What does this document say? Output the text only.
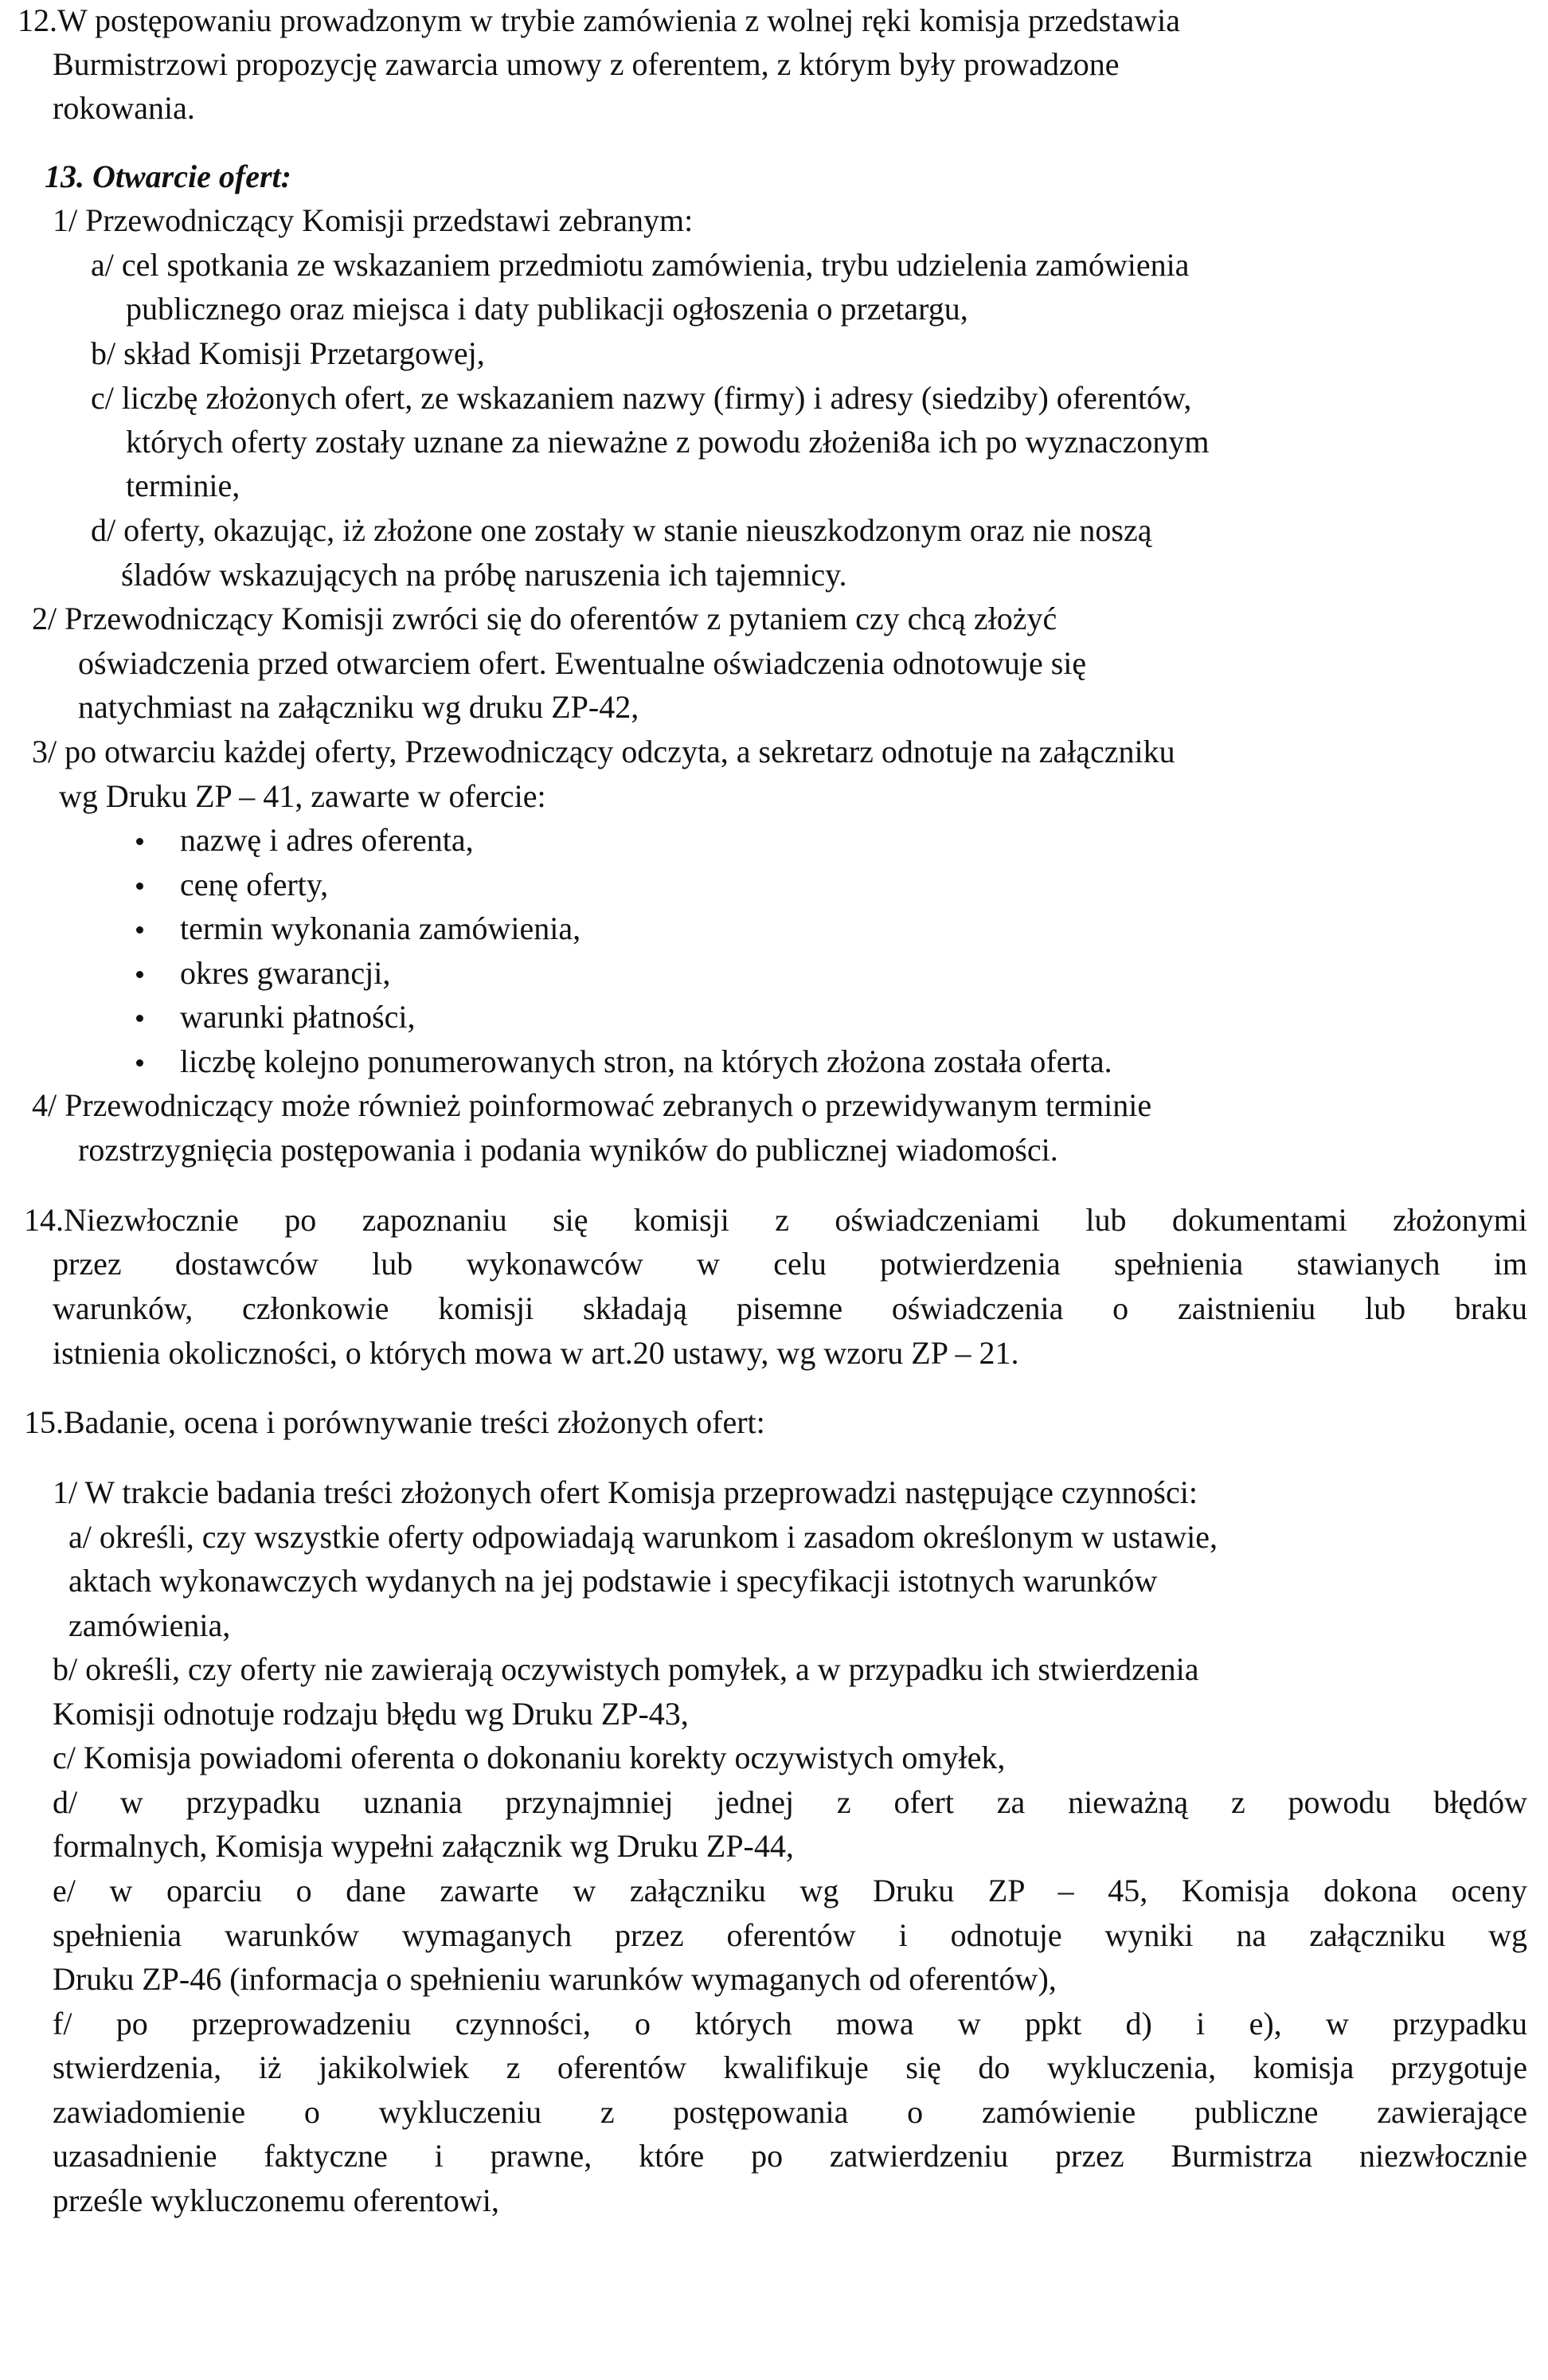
12.W postępowaniu prowadzonym w trybie zamówienia z wolnej ręki komisja przedstawia
Burmistrzowi propozycję zawarcia umowy z oferentem, z którym były prowadzone
rokowania.
13. Otwarcie ofert:
1/ Przewodniczący Komisji przedstawi zebranym:
a/ cel spotkania ze wskazaniem przedmiotu zamówienia, trybu udzielenia zamówienia
publicznego oraz miejsca i daty publikacji ogłoszenia o przetargu,
b/ skład Komisji Przetargowej,
c/ liczbę złożonych ofert, ze wskazaniem nazwy (firmy) i adresy (siedziby) oferentów,
których oferty zostały uznane za nieważne z powodu złożeni8a ich po wyznaczonym
terminie,
d/ oferty, okazując, iż złożone one zostały w stanie nieuszkodzonym oraz nie noszą
śladów wskazujących na próbę naruszenia ich tajemnicy.
2/ Przewodniczący Komisji zwróci się do oferentów z pytaniem czy chcą złożyć
oświadczenia przed otwarciem ofert. Ewentualne oświadczenia odnotowuje się
natychmiast na załączniku wg druku ZP-42,
3/ po otwarciu każdej oferty, Przewodniczący odczyta, a sekretarz odnotuje na załączniku
wg Druku ZP – 41, zawarte w ofercie:
nazwę i adres oferenta,
cenę oferty,
termin wykonania zamówienia,
okres gwarancji,
warunki płatności,
liczbę kolejno ponumerowanych stron, na których złożona została oferta.
4/ Przewodniczący może również poinformować zebranych o przewidywanym terminie
rozstrzygnięcia postępowania i podania wyników do publicznej wiadomości.
14.Niezwłocznie po zapoznaniu się komisji z oświadczeniami lub dokumentami złożonymi
przez dostawców lub wykonawców w celu potwierdzenia spełnienia stawianych im
warunków, członkowie komisji składają pisemne oświadczenia o zaistnieniu lub braku
istnienia okoliczności, o których mowa w art.20 ustawy, wg wzoru ZP – 21.
15.Badanie, ocena i porównywanie treści złożonych ofert:
1/ W trakcie badania treści złożonych ofert Komisja przeprowadzi następujące czynności:
a/ określi, czy wszystkie oferty odpowiadają warunkom i zasadom określonym w ustawie,
aktach wykonawczych wydanych na jej podstawie i specyfikacji istotnych warunków
zamówienia,
b/ określi, czy oferty nie zawierają oczywistych pomyłek, a w przypadku ich stwierdzenia
Komisji odnotuje rodzaju błędu wg Druku ZP-43,
c/ Komisja powiadomi oferenta o dokonaniu korekty oczywistych omyłek,
d/ w przypadku uznania przynajmniej jednej z ofert za nieważną z powodu błędów
formalnych, Komisja wypełni załącznik wg Druku ZP-44,
e/ w oparciu o dane zawarte w załączniku wg Druku ZP – 45, Komisja dokona oceny
spełnienia warunków wymaganych przez oferentów i odnotuje wyniki na załączniku wg
Druku ZP-46 (informacja o spełnieniu warunków wymaganych od oferentów),
f/ po przeprowadzeniu czynności, o których mowa w ppkt d) i e), w przypadku
stwierdzenia, iż jakikolwiek z oferentów kwalifikuje się do wykluczenia, komisja przygotuje
zawiadomienie o wykluczeniu z postępowania o zamówienie publiczne zawierające
uzasadnienie faktyczne i prawne, które po zatwierdzeniu przez Burmistrza niezwłocznie
prześle wykluczonemu oferentowi,
